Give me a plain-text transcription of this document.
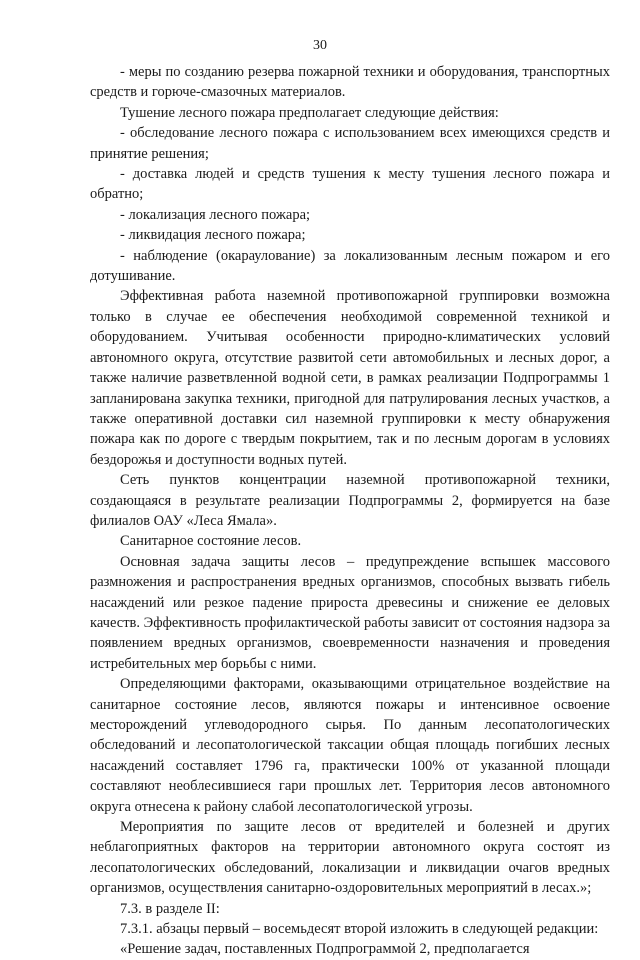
30

- меры по созданию резерва пожарной техники и оборудования, транспортных средств и горюче-смазочных материалов.

Тушение лесного пожара предполагает следующие действия:

- обследование лесного пожара с использованием всех имеющихся средств и принятие решения;

- доставка людей и средств тушения к месту тушения лесного пожара и обратно;

- локализация лесного пожара;

- ликвидация лесного пожара;

- наблюдение (окараулование) за локализованным лесным пожаром и его дотушивание.

Эффективная работа наземной противопожарной группировки возможна только в случае ее обеспечения необходимой современной техникой и оборудованием. Учитывая особенности природно-климатических условий автономного округа, отсутствие развитой сети автомобильных и лесных дорог, а также наличие разветвленной водной сети, в рамках реализации Подпрограммы 1 запланирована закупка техники, пригодной для патрулирования лесных участков, а также оперативной доставки сил наземной группировки к месту обнаружения пожара как по дороге с твердым покрытием, так и по лесным дорогам в условиях бездорожья и доступности водных путей.

Сеть пунктов концентрации наземной противопожарной техники, создающаяся в результате реализации Подпрограммы 2, формируется на базе филиалов ОАУ «Леса Ямала».

Санитарное состояние лесов.

Основная задача защиты лесов – предупреждение вспышек массового размножения и распространения вредных организмов, способных вызвать гибель насаждений или резкое падение прироста древесины и снижение ее деловых качеств. Эффективность профилактической работы зависит от состояния надзора за появлением вредных организмов, своевременности назначения и проведения истребительных мер борьбы с ними.

Определяющими факторами, оказывающими отрицательное воздействие на санитарное состояние лесов, являются пожары и интенсивное освоение месторождений углеводородного сырья. По данным лесопатологических обследований и лесопатологической таксации общая площадь погибших лесных насаждений составляет 1796 га, практически 100% от указанной площади составляют необлесившиеся гари прошлых лет. Территория лесов автономного округа отнесена к району слабой лесопатологической угрозы.

Мероприятия по защите лесов от вредителей и болезней и других неблагоприятных факторов на территории автономного округа состоят из лесопатологических обследований, локализации и ликвидации очагов вредных организмов, осуществления санитарно-оздоровительных мероприятий в лесах.»;

7.3. в разделе II:

7.3.1. абзацы первый – восемьдесят второй изложить в следующей редакции:

«Решение задач, поставленных Подпрограммой 2, предполагается
